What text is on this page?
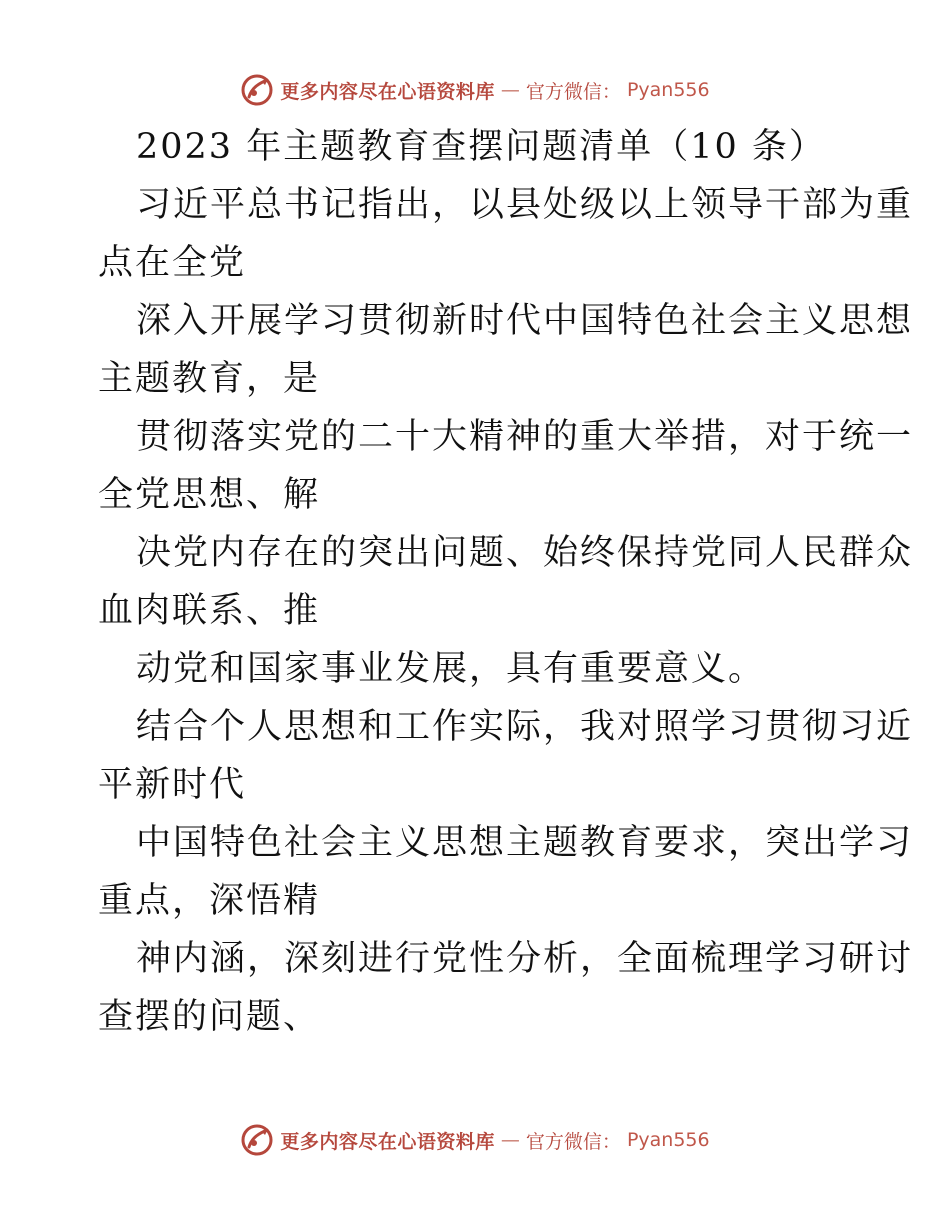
更多内容尽在心语资料库 — 官方微信： Pyan556
2023 年主题教育查摆问题清单（10 条）
习近平总书记指出，以县处级以上领导干部为重
点在全党
深入开展学习贯彻新时代中国特色社会主义思想
主题教育，是
贯彻落实党的二十大精神的重大举措，对于统一
全党思想、解
决党内存在的突出问题、始终保持党同人民群众
血肉联系、推
动党和国家事业发展，具有重要意义。
结合个人思想和工作实际，我对照学习贯彻习近
平新时代
中国特色社会主义思想主题教育要求，突出学习
重点，深悟精
神内涵，深刻进行党性分析，全面梳理学习研讨
查摆的问题、
更多内容尽在心语资料库 — 官方微信： Pyan556
